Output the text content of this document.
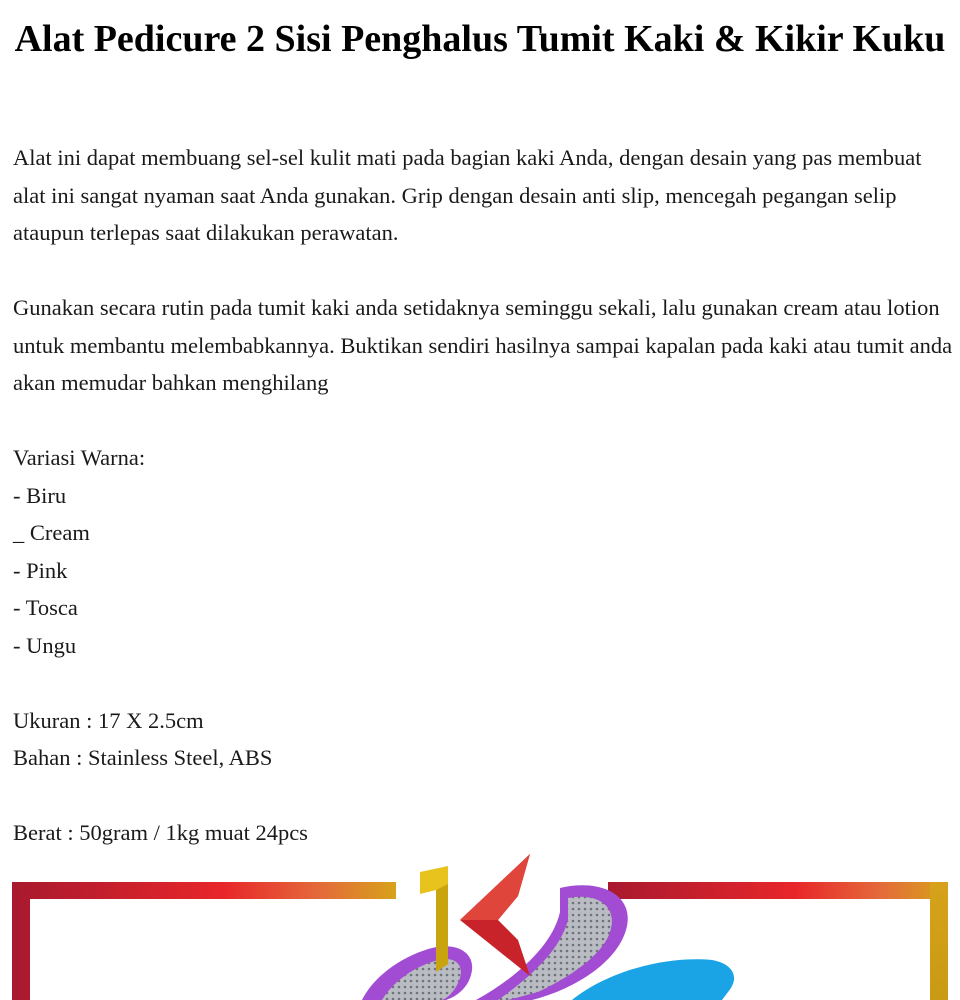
Alat Pedicure 2 Sisi Penghalus Tumit Kaki & Kikir Kuku

Alat ini dapat membuang sel-sel kulit mati pada bagian kaki Anda, dengan desain yang pas membuat alat ini sangat nyaman saat Anda gunakan. Grip dengan desain anti slip, mencegah pegangan selip ataupun terlepas saat dilakukan perawatan.

Gunakan secara rutin pada tumit kaki anda setidaknya seminggu sekali, lalu gunakan cream atau lotion untuk membantu melembabkannya. Buktikan sendiri hasilnya sampai kapalan pada kaki atau tumit anda akan memudar bahkan menghilang

Variasi Warna:

- Biru

_ Cream

- Pink

- Tosca

- Ungu

Ukuran : 17 X 2.5cm

Bahan : Stainless Steel, ABS

Berat : 50gram / 1kg muat 24pcs
